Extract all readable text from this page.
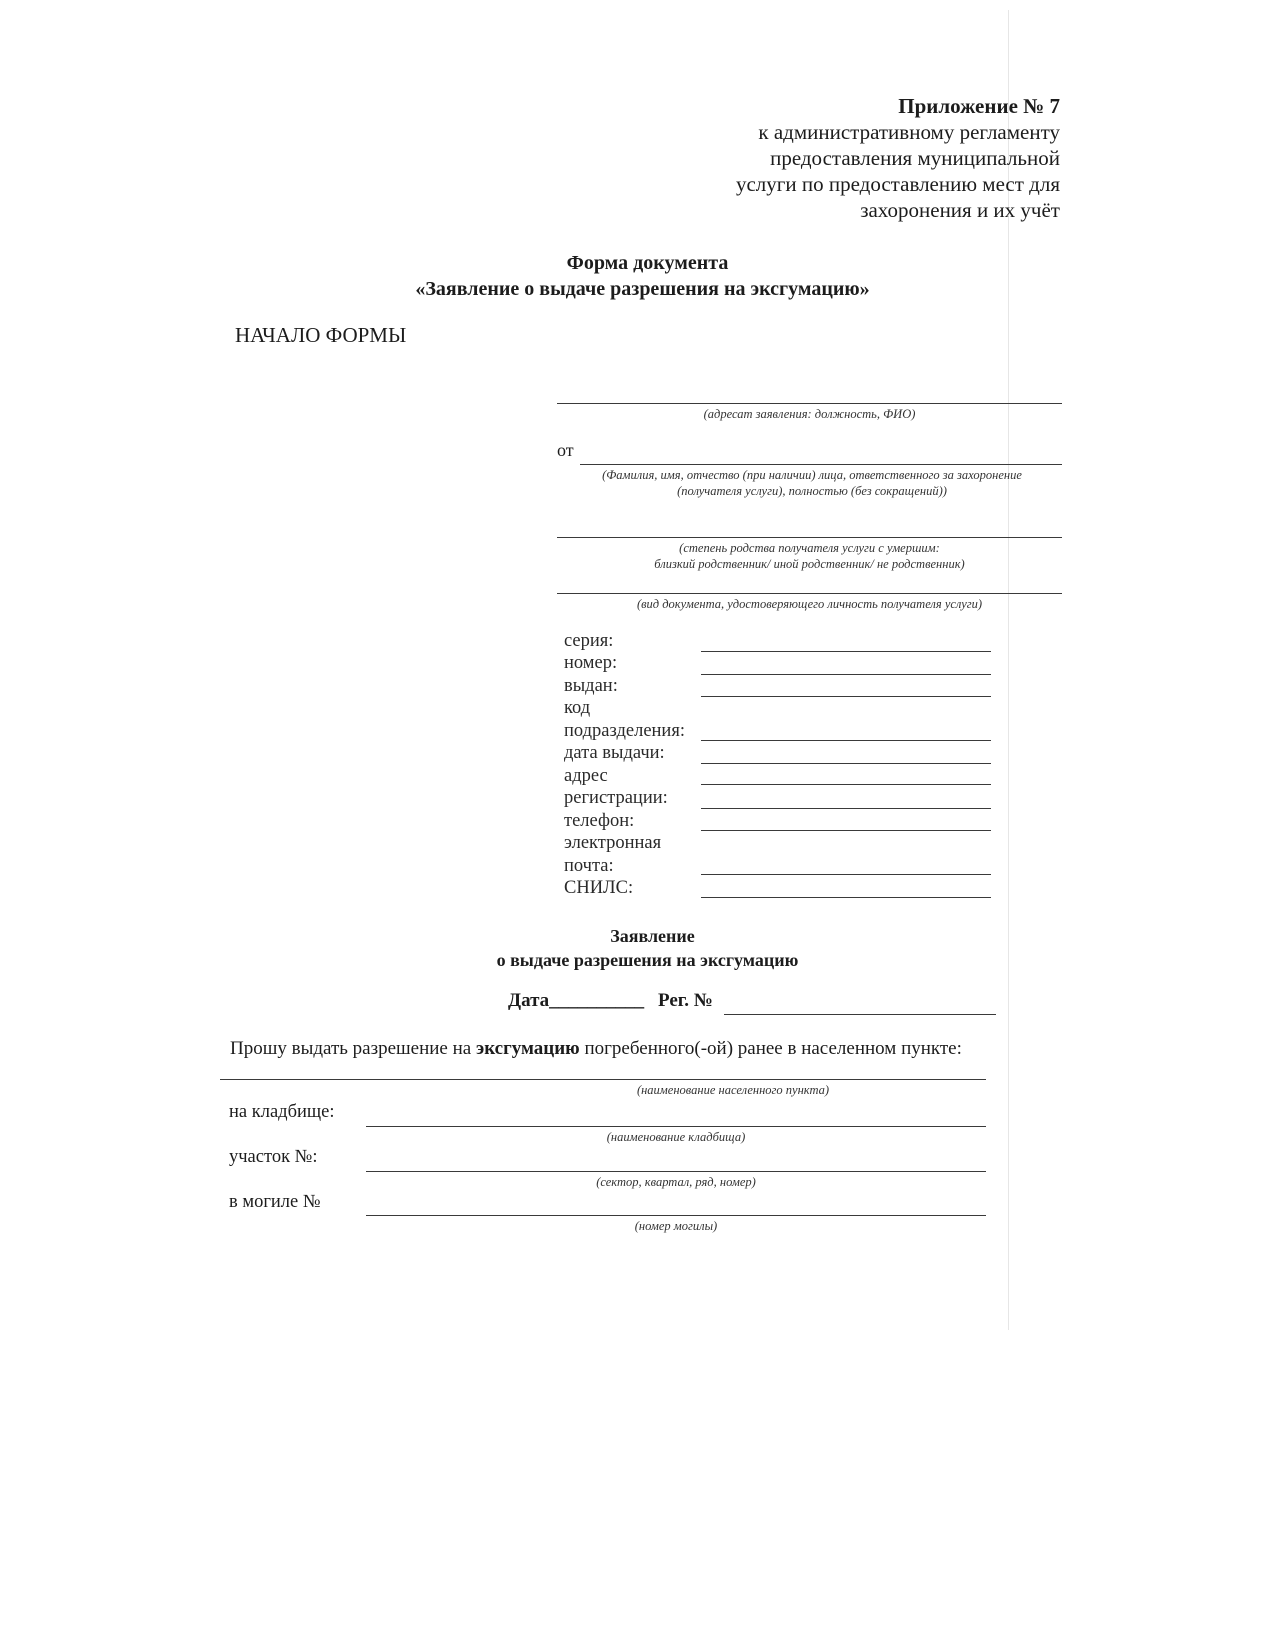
Приложение № 7
к административному регламенту
предоставления муниципальной
услуги по предоставлению мест для
захоронения и их учёт
Форма документа
«Заявление о выдаче разрешения на эксгумацию»
НАЧАЛО ФОРМЫ
(адресат заявления: должность, ФИО)
от
(Фамилия, имя, отчество (при наличии) лица, ответственного за захоронение
(получателя услуги), полностью (без сокращений))
(степень родства получателя услуги с умершим:
близкий родственник/ иной родственник/ не родственник)
(вид документа, удостоверяющего личность получателя услуги)
серия:
номер:
выдан:
код
подразделения:
дата выдачи:
адрес
регистрации:
телефон:
электронная
почта:
СНИЛС:
Заявление
о выдаче разрешения на эксгумацию
Дата__________ Рег. №
Прошу выдать разрешение на эксгумацию погребенного(-ой) ранее в населенном пункте:
(наименование населенного пункта)
на кладбище:
(наименование кладбища)
участок №:
(сектор, квартал, ряд, номер)
в могиле №
(номер могилы)
